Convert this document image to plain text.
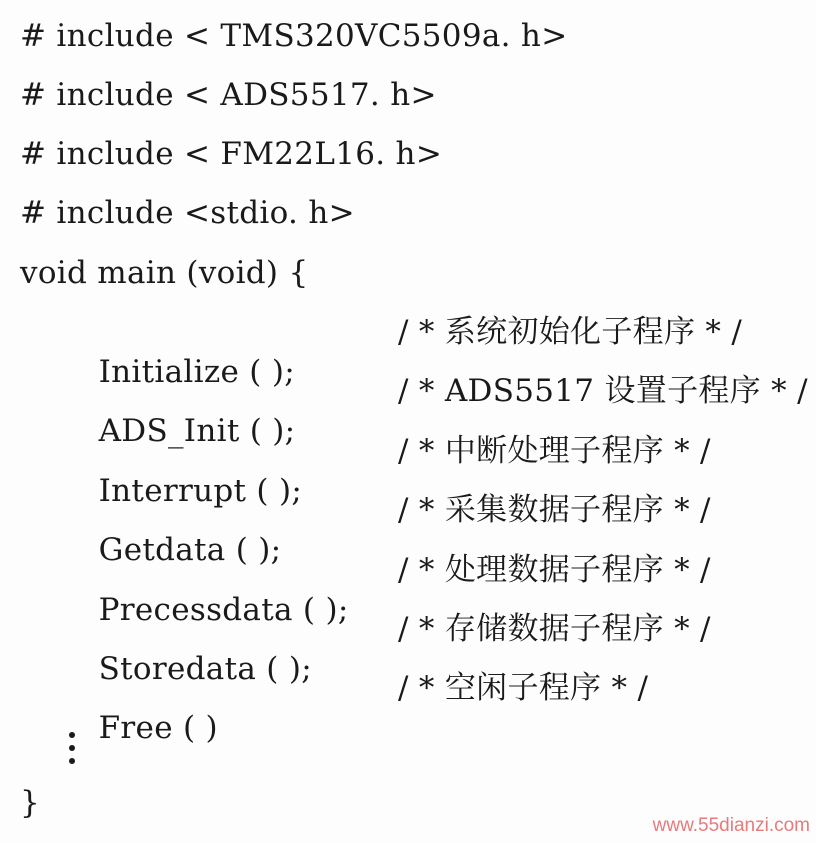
# include < TMS320VC5509a. h>
# include < ADS5517. h>
# include < FM22L16. h>
# include <stdio. h>
void main (void) {

Initialize ( );

/ * 系统初始化子程序 * /

ADS_Init ( );

/ * ADS5517 设置子程序 * /

Interrupt ( );

/ * 中断处理子程序 * /

Getdata ( );

/ * 采集数据子程序 * /

Precessdata ( );

/ * 处理数据子程序 * /

Storedata ( );

/ * 存储数据子程序 * /

Free ( )

/ * 空闲子程序 * /

}
www.55dianzi.com
